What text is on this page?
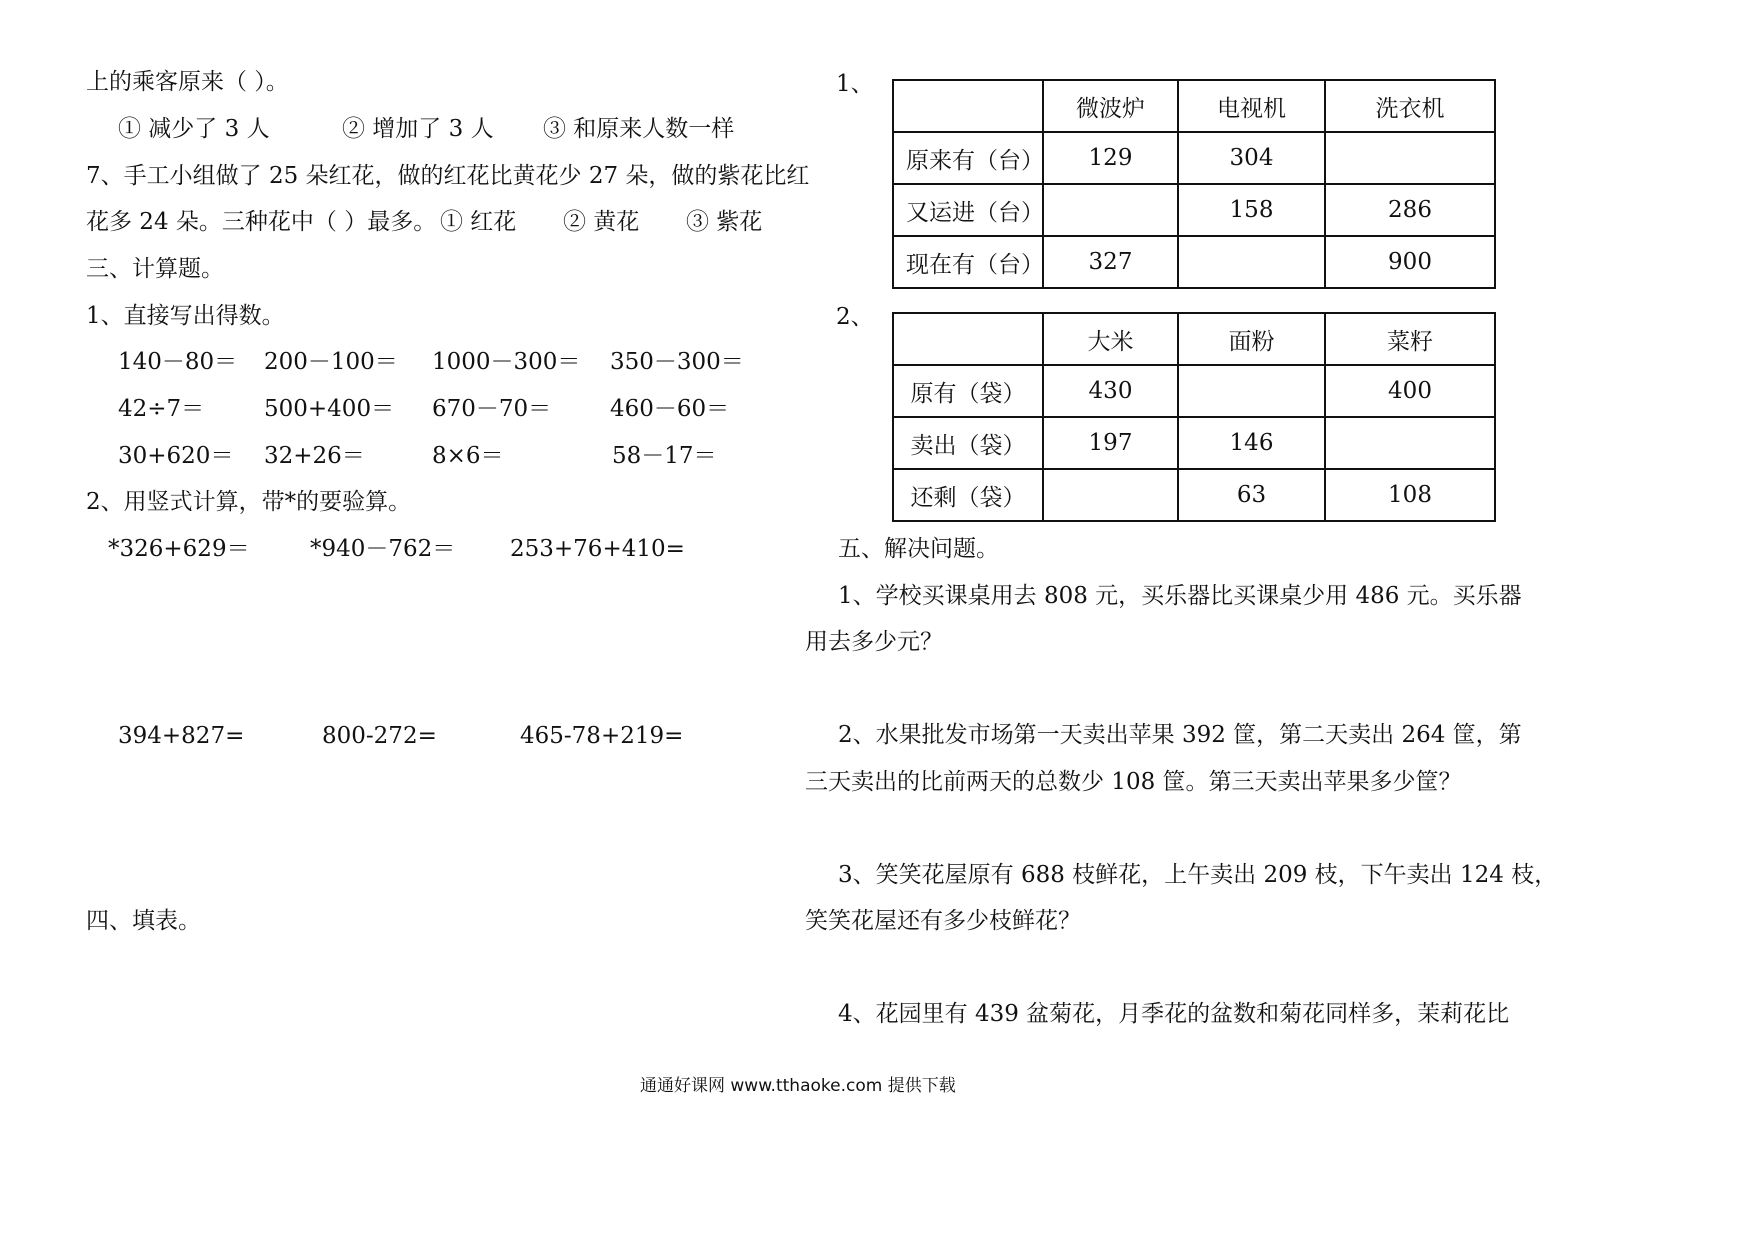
上的乘客原来（ ）。
① 减少了 3 人	② 增加了 3 人 ③ 和原来人数一样
7、手工小组做了 25 朵红花，做的红花比黄花少 27 朵，做的紫花比红
花多 24 朵。三种花中（ ）最多。 ① 红花 ② 黄花 ③ 紫花
三、计算题。
1、直接写出得数。
140－80＝ 200－100＝ 1000－300＝ 350－300＝
42÷7＝	500+400＝ 670－70＝	460－60＝
30+620＝ 32+26＝	8×6＝	58－17＝
2、用竖式计算，带*的要验算。
*326+629＝	*940－762＝ 253+76+410=
394+827=	800-272=	465-78+219=
四、填表。
1、
	微波炉	电视机	洗衣机
原来有（台）	129	304	
又运进（台）		158	286
现在有（台）	327		900
2、
	大米	面粉	菜籽
原有（袋）	430		400
卖出（袋）	197	146	
还剩（袋）		63	108
五、解决问题。
1、学校买课桌用去 808 元，买乐器比买课桌少用 486 元。买乐器
用去多少元？
2、水果批发市场第一天卖出苹果 392 筐，第二天卖出 264 筐，第
三天卖出的比前两天的总数少 108 筐。第三天卖出苹果多少筐？
3、笑笑花屋原有 688 枝鲜花，上午卖出 209 枝，下午卖出 124 枝，
笑笑花屋还有多少枝鲜花？
4、花园里有 439 盆菊花，月季花的盆数和菊花同样多，茉莉花比
通通好课网 www.tthaoke.com 提供下载
